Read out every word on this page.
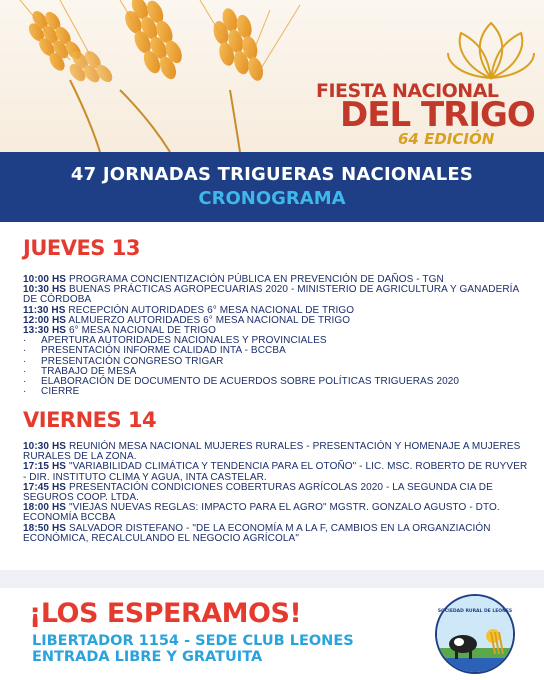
FIESTA NACIONAL
DEL TRIGO
64 EDICIÓN
47 JORNADAS TRIGUERAS NACIONALES
CRONOGRAMA
JUEVES 13
10:00 HS PROGRAMA CONCIENTIZACIÓN PÚBLICA EN PREVENCIÓN DE DAÑOS - TGN
10:30 HS BUENAS PRÁCTICAS AGROPECUARIAS 2020 - MINISTERIO DE AGRICULTURA Y GANADERÍA DE CÓRDOBA
11:30 HS RECEPCIÓN AUTORIDADES 6° MESA NACIONAL DE TRIGO
12:00 HS ALMUERZO AUTORIDADES 6° MESA NACIONAL DE TRIGO
13:30 HS 6° MESA NACIONAL DE TRIGO
· APERTURA AUTORIDADES NACIONALES Y PROVINCIALES
· PRESENTACIÓN INFORME CALIDAD INTA - BCCBA
· PRESENTACIÓN CONGRESO TRIGAR
· TRABAJO DE MESA
· ELABORACIÓN DE DOCUMENTO DE ACUERDOS SOBRE POLÍTICAS TRIGUERAS 2020
· CIERRE
VIERNES 14
10:30 HS REUNIÓN MESA NACIONAL MUJERES RURALES - PRESENTACIÓN Y HOMENAJE A MUJERES RURALES DE LA ZONA.
17:15 HS "VARIABILIDAD CLIMÁTICA Y TENDENCIA PARA EL OTOÑO" - LIC. MSC. ROBERTO DE RUYVER - DIR. INSTITUTO CLIMA Y AGUA, INTA CASTELAR.
17:45 HS PRESENTACIÓN CONDICIONES COBERTURAS AGRÍCOLAS 2020 - LA SEGUNDA CIA DE SEGUROS COOP. LTDA.
18:00 HS "VIEJAS NUEVAS REGLAS: IMPACTO PARA EL AGRO" MGSTR. GONZALO AGUSTO - DTO. ECONOMÍA BCCBA
18:50 HS SALVADOR DISTEFANO - "DE LA ECONOMÍA M A LA F, CAMBIOS EN LA ORGANZIACIÓN ECONÓMICA, RECALCULANDO EL NEGOCIO AGRÍCOLA"
¡LOS ESPERAMOS!
LIBERTADOR 1154 - SEDE CLUB LEONES
ENTRADA LIBRE Y GRATUITA
SOCIEDAD RURAL DE LEONES
